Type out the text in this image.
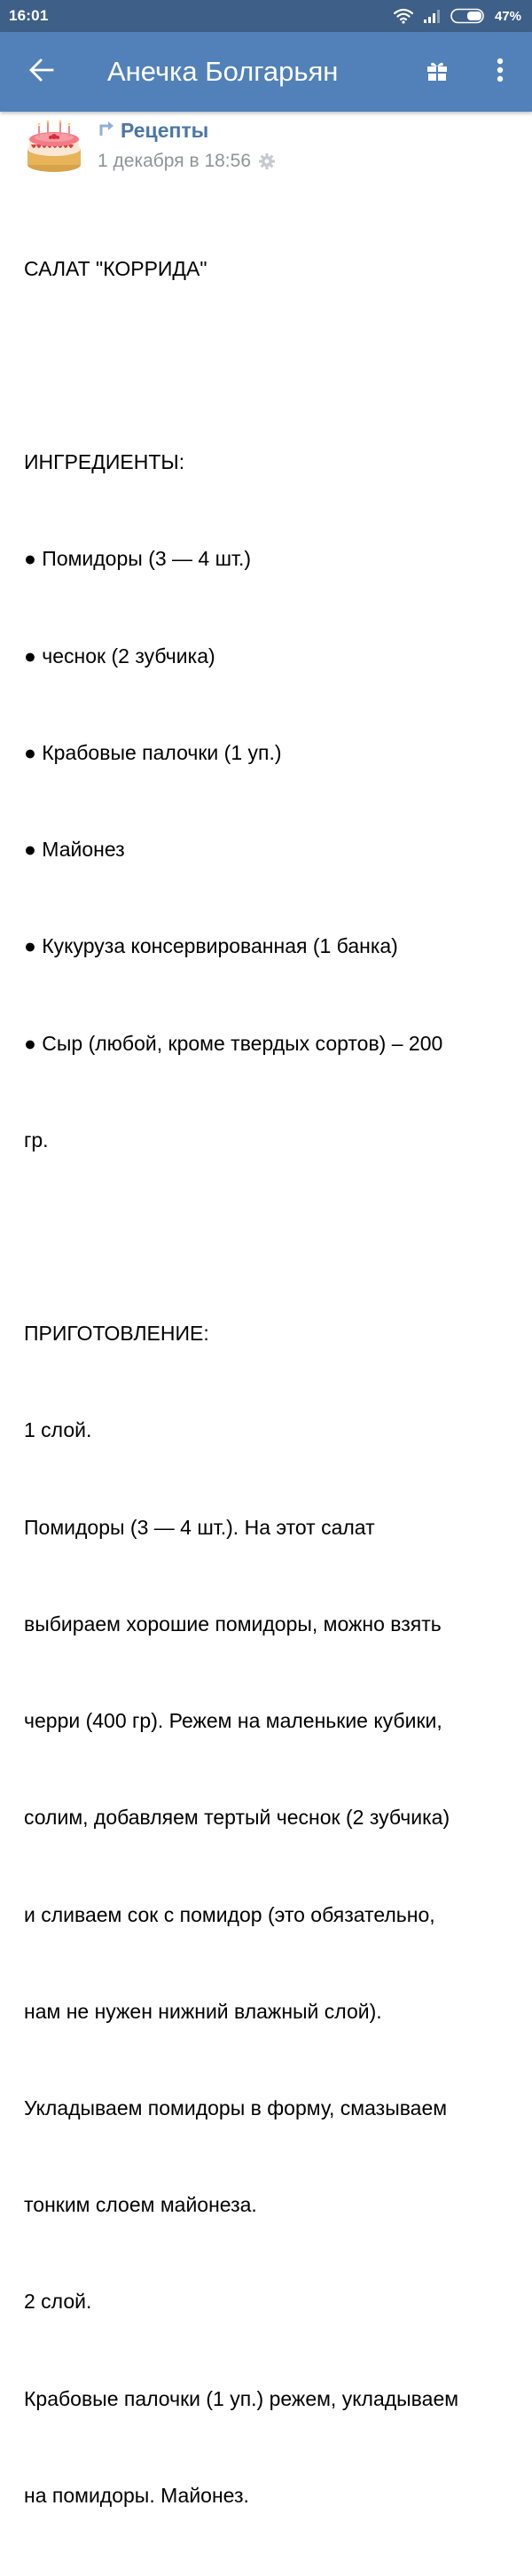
16:01	47%
Анечка Болгарьян
Рецепты
1 декабря в 18:56

САЛАТ "КОРРИДА"

ИНГРЕДИЕНТЫ:

● Помидоры (3 — 4 шт.)

● чеснок (2 зубчика)

● Крабовые палочки (1 уп.)

● Майонез

● Кукуруза консервированная (1 банка)

● Сыр (любой, кроме твердых сортов) – 200

гр.

ПРИГОТОВЛЕНИЕ:

1 слой.

Помидоры (3 — 4 шт.). На этот салат

выбираем хорошие помидоры, можно взять

черри (400 гр). Режем на маленькие кубики,

солим, добавляем тертый чеснок (2 зубчика)

и сливаем сок с помидор (это обязательно,

нам не нужен нижний влажный слой).

Укладываем помидоры в форму, смазываем

тонким слоем майонеза.

2 слой.

Крабовые палочки (1 уп.) режем, укладываем

на помидоры. Майонез.
